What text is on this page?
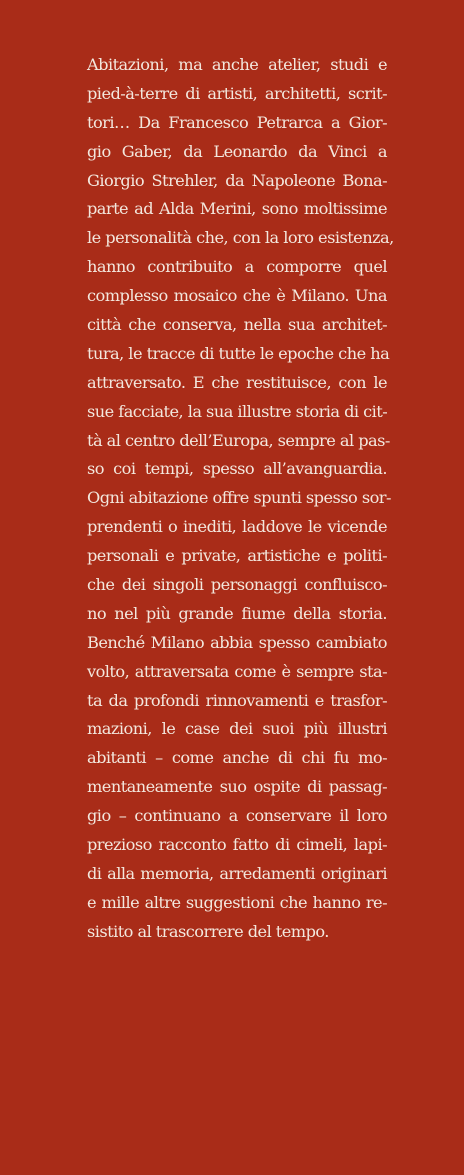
Abitazioni, ma anche atelier, studi e
pied-à-terre di artisti, architetti, scrit-
tori… Da Francesco Petrarca a Gior-
gio Gaber, da Leonardo da Vinci a
Giorgio Strehler, da Napoleone Bona-
parte ad Alda Merini, sono moltissime
le personalità che, con la loro esistenza,
hanno contribuito a comporre quel
complesso mosaico che è Milano. Una
città che conserva, nella sua architet-
tura, le tracce di tutte le epoche che ha
attraversato. E che restituisce, con le
sue facciate, la sua illustre storia di cit-
tà al centro dell’Europa, sempre al pas-
so coi tempi, spesso all’avanguardia.
Ogni abitazione offre spunti spesso sor-
prendenti o inediti, laddove le vicende
personali e private, artistiche e politi-
che dei singoli personaggi confluisco-
no nel più grande fiume della storia.
Benché Milano abbia spesso cambiato
volto, attraversata come è sempre sta-
ta da profondi rinnovamenti e trasfor-
mazioni, le case dei suoi più illustri
abitanti – come anche di chi fu mo-
mentaneamente suo ospite di passag-
gio – continuano a conservare il loro
prezioso racconto fatto di cimeli, lapi-
di alla memoria, arredamenti originari
e mille altre suggestioni che hanno re-
sistito al trascorrere del tempo.
